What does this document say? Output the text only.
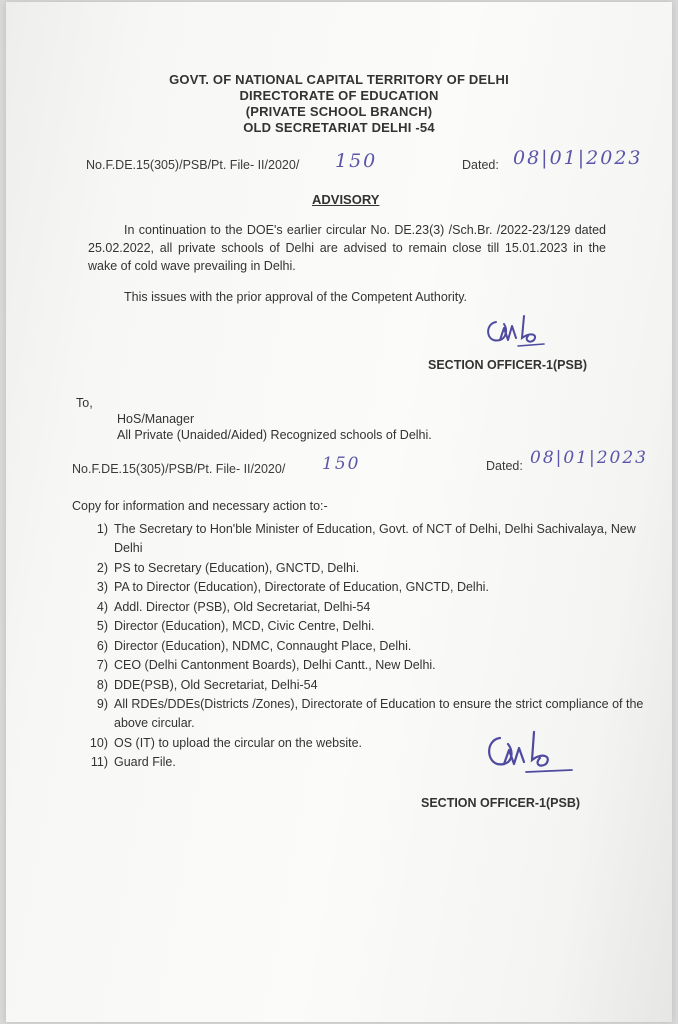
GOVT. OF NATIONAL CAPITAL TERRITORY OF DELHI
DIRECTORATE OF EDUCATION
(PRIVATE SCHOOL BRANCH)
OLD SECRETARIAT DELHI -54
No.F.DE.15(305)/PSB/Pt. File- II/2020/ 150	Dated: 08|01|2023
ADVISORY
In continuation to the DOE's earlier circular No. DE.23(3) /Sch.Br. /2022-23/129 dated 25.02.2022, all private schools of Delhi are advised to remain close till 15.01.2023 in the wake of cold wave prevailing in Delhi.
This issues with the prior approval of the Competent Authority.
SECTION OFFICER-1(PSB)
To,
HoS/Manager
All Private (Unaided/Aided) Recognized schools of Delhi.
No.F.DE.15(305)/PSB/Pt. File- II/2020/ 150	Dated: 08|01|2023
Copy for information and necessary action to:-
1) The Secretary to Hon'ble Minister of Education, Govt. of NCT of Delhi, Delhi Sachivalaya, New Delhi
2) PS to Secretary (Education), GNCTD, Delhi.
3) PA to Director (Education), Directorate of Education, GNCTD, Delhi.
4) Addl. Director (PSB), Old Secretariat, Delhi-54
5) Director (Education), MCD, Civic Centre, Delhi.
6) Director (Education), NDMC, Connaught Place, Delhi.
7) CEO (Delhi Cantonment Boards), Delhi Cantt., New Delhi.
8) DDE(PSB), Old Secretariat, Delhi-54
9) All RDEs/DDEs(Districts /Zones), Directorate of Education to ensure the strict compliance of the above circular.
10) OS (IT) to upload the circular on the website.
11) Guard File.
SECTION OFFICER-1(PSB)
